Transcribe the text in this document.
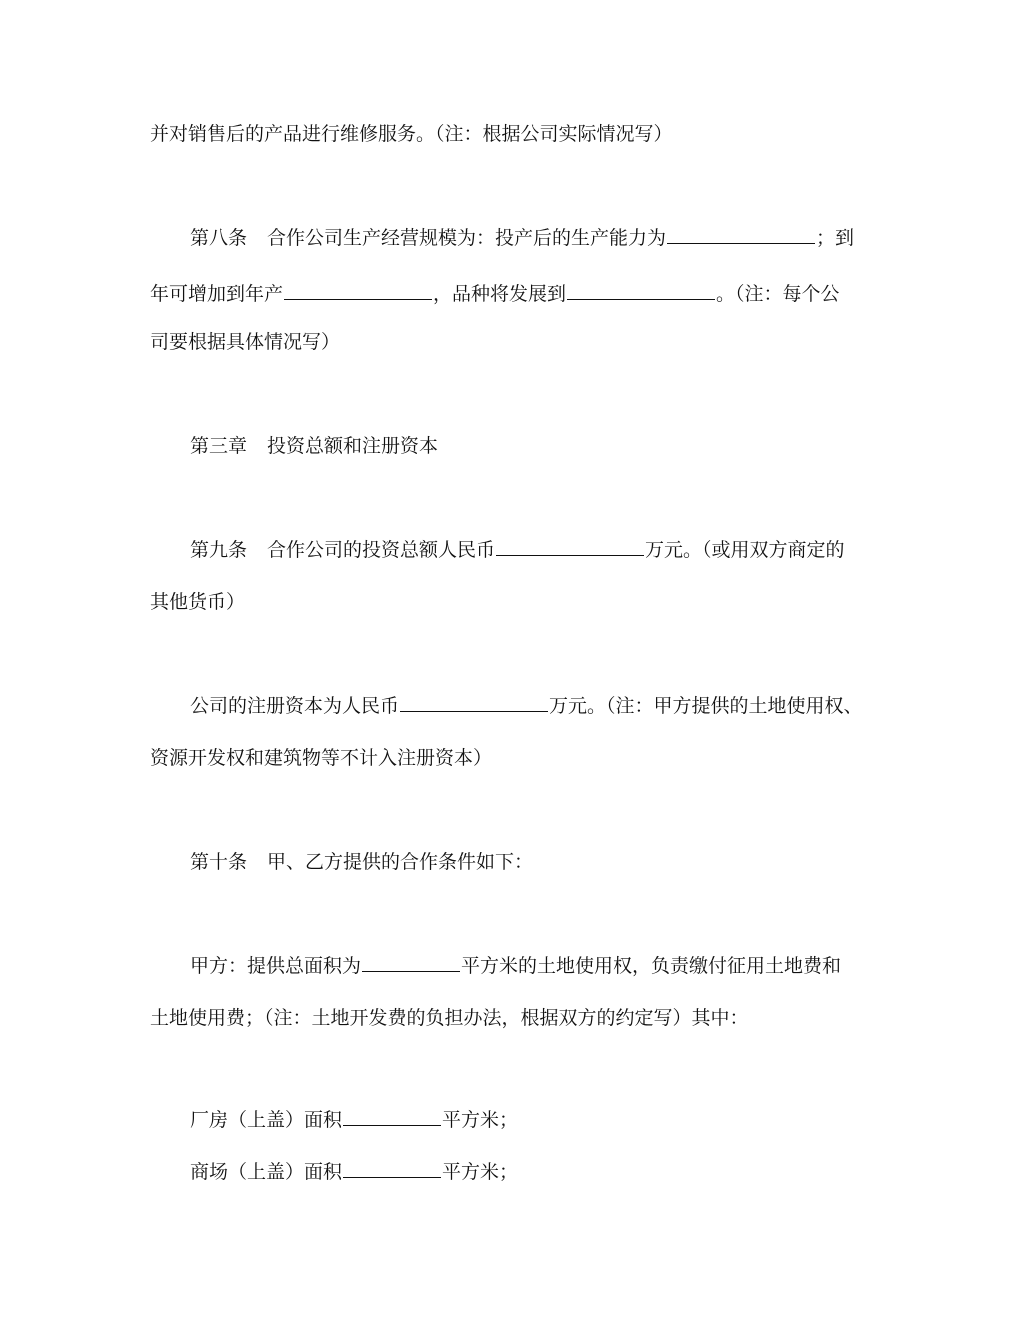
并对销售后的产品进行维修服务。（注：根据公司实际情况写）
第八条 合作公司生产经营规模为：投产后的生产能力为	；到
年可增加到年产	，品种将发展到	。（注：每个公
司要根据具体情况写）
第三章 投资总额和注册资本
第九条 合作公司的投资总额人民币	万元。（或用双方商定的
其他货币）
公司的注册资本为人民币	万元。（注：甲方提供的土地使用权、
资源开发权和建筑物等不计入注册资本）
第十条 甲、乙方提供的合作条件如下：
甲方：提供总面积为	平方米的土地使用权，负责缴付征用土地费和
土地使用费；（注：土地开发费的负担办法，根据双方的约定写）其中：
厂房（上盖）面积	平方米；
商场（上盖）面积	平方米；
